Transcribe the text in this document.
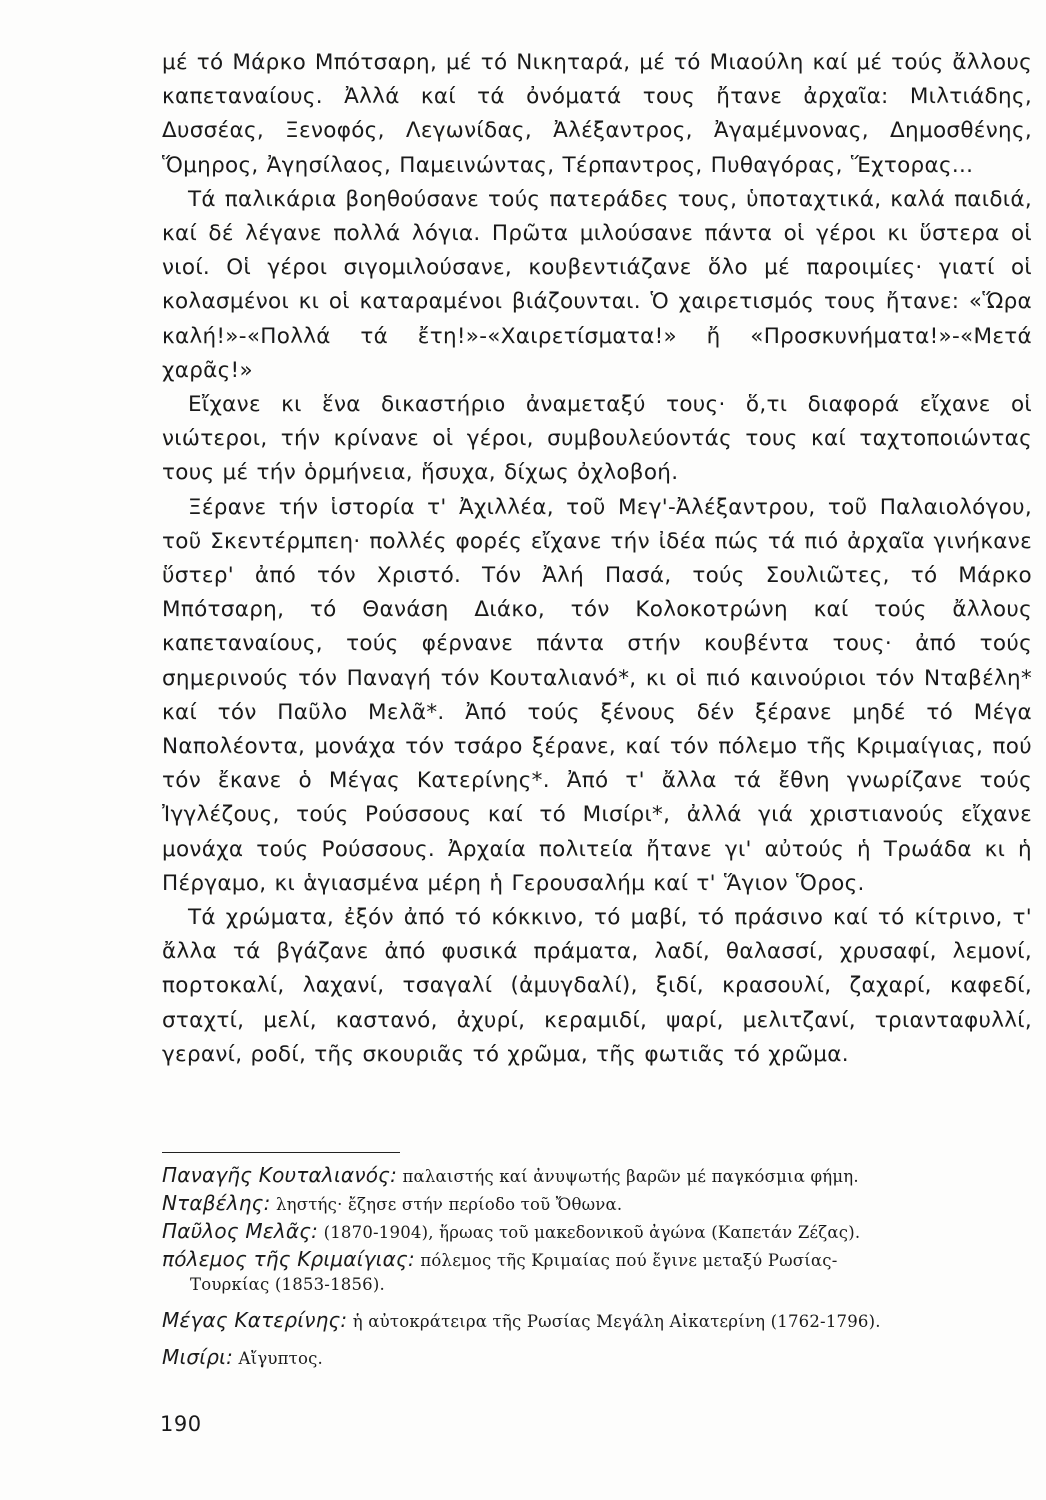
μέ τό Μάρκο Μπότσαρη, μέ τό Νικηταρά, μέ τό Μιαούλη καί μέ τούς ἄλλους καπεταναίους. Ἀλλά καί τά ὀνόματά τους ἤτανε ἀρχαῖα: Μιλτιάδης, Δυσσέας, Ξενοφός, Λεγωνίδας, Ἀλέξαντρος, Ἀγαμέμνονας, Δημοσθένης, Ὅμηρος, Ἀγησίλαος, Παμεινώντας, Τέρπαντρος, Πυθαγόρας, Ἕχτορας...

Τά παλικάρια βοηθούσανε τούς πατεράδες τους, ὑποταχτικά, καλά παιδιά, καί δέ λέγανε πολλά λόγια. Πρῶτα μιλούσανε πάντα οἱ γέροι κι ὕστερα οἱ νιοί. Οἱ γέροι σιγομιλούσανε, κουβεντιάζανε ὅλο μέ παροιμίες· γιατί οἱ κολασμένοι κι οἱ καταραμένοι βιάζουνται. Ὁ χαιρετισμός τους ἤτανε: «Ὥρα καλή!»-«Πολλά τά ἔτη!»-«Χαιρετίσματα!» ἤ «Προσκυνήματα!»-«Μετά χαρᾶς!»

Εἴχανε κι ἕνα δικαστήριο ἀναμεταξύ τους· ὅ,τι διαφορά εἴχανε οἱ νιώτεροι, τήν κρίνανε οἱ γέροι, συμβουλεύοντάς τους καί ταχτοποιώντας τους μέ τήν ὁρμήνεια, ἥσυχα, δίχως ὀχλοβοή.

Ξέρανε τήν ἱστορία τ' Ἀχιλλέα, τοῦ Μεγ'-Ἀλέξαντρου, τοῦ Παλαιολόγου, τοῦ Σκεντέρμπεη· πολλές φορές εἴχανε τήν ἰδέα πώς τά πιό ἀρχαῖα γινήκανε ὕστερ' ἀπό τόν Χριστό. Τόν Ἀλή Πασά, τούς Σουλιῶτες, τό Μάρκο Μπότσαρη, τό Θανάση Διάκο, τόν Κολοκοτρώνη καί τούς ἄλλους καπεταναίους, τούς φέρνανε πάντα στήν κουβέντα τους· ἀπό τούς σημερινούς τόν Παναγή τόν Κουταλιανό*, κι οἱ πιό καινούριοι τόν Νταβέλη* καί τόν Παῦλο Μελᾶ*. Ἀπό τούς ξένους δέν ξέρανε μηδέ τό Μέγα Ναπολέοντα, μονάχα τόν τσάρο ξέρανε, καί τόν πόλεμο τῆς Κριμαίγιας, πού τόν ἔκανε ὁ Μέγας Κατερίνης*. Ἀπό τ' ἄλλα τά ἔθνη γνωρίζανε τούς Ἰγγλέζους, τούς Ρούσσους καί τό Μισίρι*, ἀλλά γιά χριστιανούς εἴχανε μονάχα τούς Ρούσσους. Ἀρχαία πολιτεία ἤτανε γι' αὐτούς ἡ Τρωάδα κι ἡ Πέργαμο, κι ἁγιασμένα μέρη ἡ Γερουσαλήμ καί τ' Ἅγιον Ὅρος.

Τά χρώματα, ἐξόν ἀπό τό κόκκινο, τό μαβί, τό πράσινο καί τό κίτρινο, τ' ἄλλα τά βγάζανε ἀπό φυσικά πράματα, λαδί, θαλασσί, χρυσαφί, λεμονί, πορτοκαλί, λαχανί, τσαγαλί (ἀμυγδαλί), ξιδί, κρασουλί, ζαχαρί, καφεδί, σταχτί, μελί, καστανό, ἀχυρί, κεραμιδί, ψαρί, μελιτζανί, τριανταφυλλί, γερανί, ροδί, τῆς σκουριᾶς τό χρῶμα, τῆς φωτιᾶς τό χρῶμα.

Παναγῆς Κουταλιανός: παλαιστής καί ἀνυψωτής βαρῶν μέ παγκόσμια φήμη.

Νταβέλης: ληστής· ἔζησε στήν περίοδο τοῦ Ὄθωνα.

Παῦλος Μελᾶς: (1870-1904), ἥρωας τοῦ μακεδονικοῦ ἀγώνα (Καπετάν Ζέζας).

πόλεμος τῆς Κριμαίγιας: πόλεμος τῆς Κριμαίας πού ἔγινε μεταξύ Ρωσίας-

Τουρκίας (1853-1856).

Μέγας Κατερίνης: ἡ αὐτοκράτειρα τῆς Ρωσίας Μεγάλη Αἰκατερίνη (1762-1796).

Μισίρι: Αἴγυπτος.

190
